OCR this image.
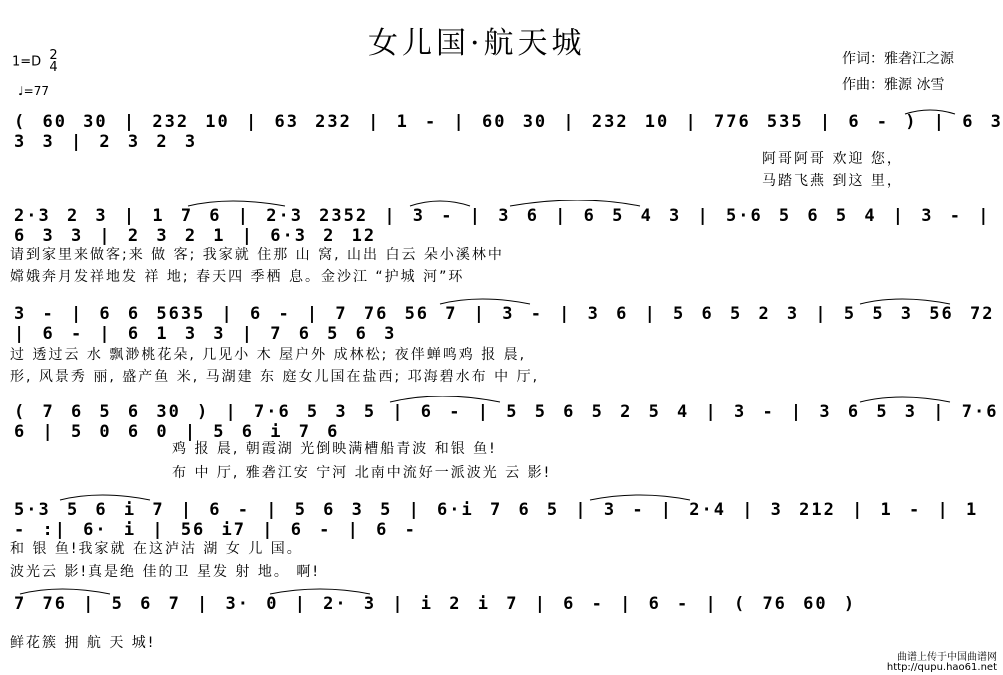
女儿国·航天城	作词：雅砻江之源
作曲：雅源 冰雪
1=D 2
4
♩=77
( 60 30 | 232 10 | 63 232 | 1 - | 60 30 | 232 10 | 776 535 | 6 - ) | 6 3 3 3 | 2 3 2 3
阿哥阿哥 欢迎 您，
马踏飞燕 到这 里，
2·3 2 3 | 1 7 6 | 2·3 2352 | 3 - | 3 6 | 6 5 4 3 | 5·6 5 6 5 4 | 3 - | 6 3 3 | 2 3 2 1 | 6·3 2 12
请到家里来做客;来 做 客; 我家就 住那 山 窝, 山出 白云 朵小溪林中
嫦娥奔月发祥地发 祥 地; 春天四 季栖 息。金沙江 “护城 河”环
3 - | 6 6 5635 | 6 - | 7 76 56 7 | 3 - | 3 6 | 5 6 5 2 3 | 5 5 3 56 72 | 6 - | 6 1 3 3 | 7 6 5 6 3
过 透过云 水 飘渺桃花朵, 几见小 木 屋户外 成林松; 夜伴蝉鸣鸡 报 晨,
形, 风景秀 丽, 盛产鱼 米, 马湖建 东 庭女儿国在盐西; 邛海碧水布 中 厅,
( 7 6 5 6 30 ) | 7·6 5 3 5 | 6 - | 5 5 6 5 2 5 4 | 3 - | 3 6 5 3 | 7·6 6 | 5 0 6 0 | 5 6 i 7 6
鸡 报 晨, 朝霞湖 光倒映满槽船青波 和银 鱼!
布 中 厅, 雅砻江安 宁河 北南中流好一派波光 云 影!
5·3 5 6 i 7 | 6 - | 5 6 3 5 | 6·i 7 6 5 | 3 - | 2·4 | 3 212 | 1 - | 1 - :| 6· i | 56 i7 | 6 - | 6 -
和 银 鱼!我家就 在这泸沽 湖 女 儿 国。
波光云 影!真是绝 佳的卫 星发 射 地。 啊!
7 76 | 5 6 7 | 3· 0 | 2· 3 | i 2 i 7 | 6 - | 6 - | ( 76 60 )
鲜花簇 拥 航 天 城!
曲谱上传于中国曲谱网
http://qupu.hao61.net
